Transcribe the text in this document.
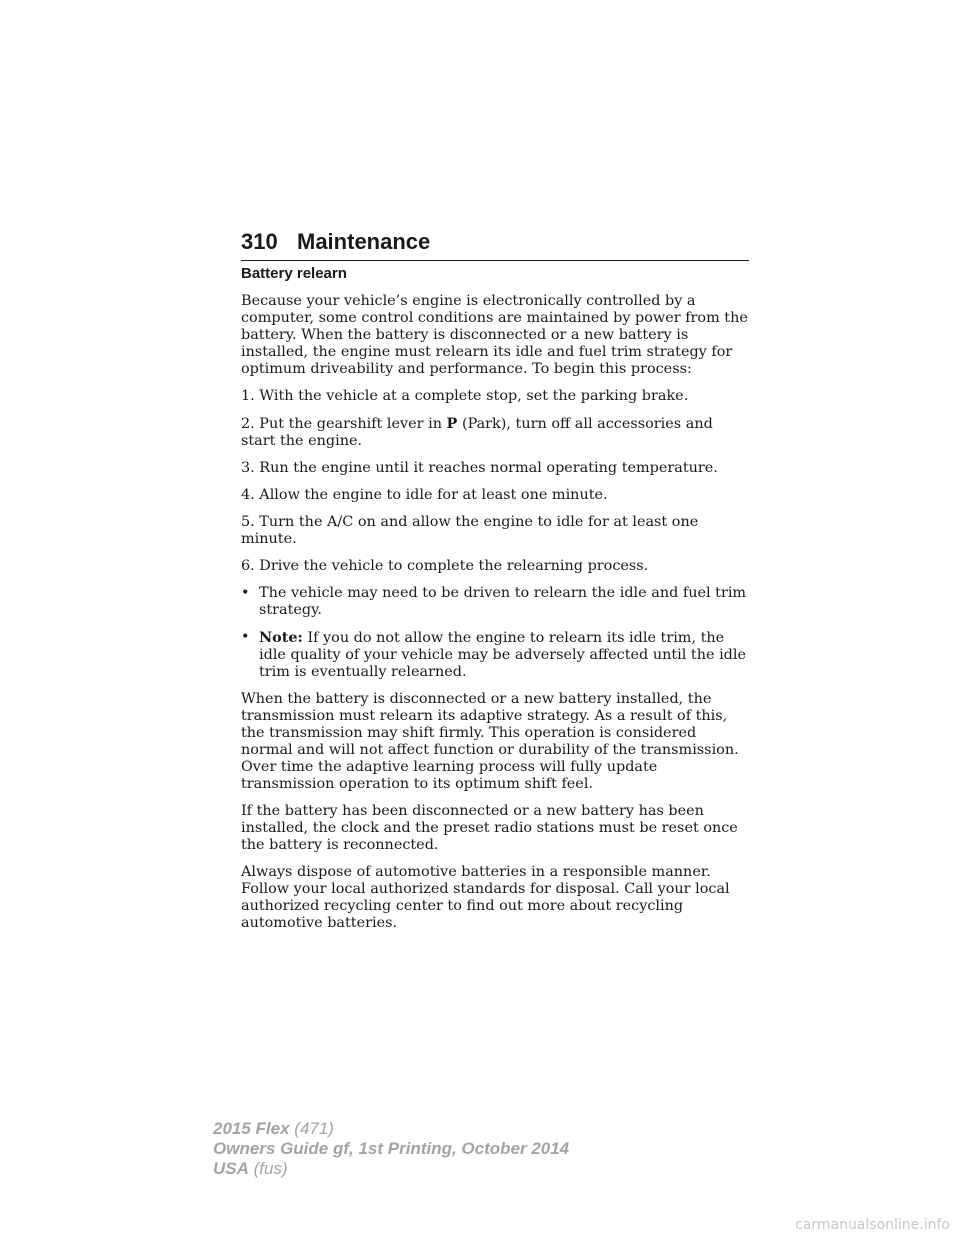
310 Maintenance
Battery relearn

Because your vehicle’s engine is electronically controlled by a computer, some control conditions are maintained by power from the battery. When the battery is disconnected or a new battery is installed, the engine must relearn its idle and fuel trim strategy for optimum driveability and performance. To begin this process:

1. With the vehicle at a complete stop, set the parking brake.

2. Put the gearshift lever in P (Park), turn off all accessories and start the engine.

3. Run the engine until it reaches normal operating temperature.

4. Allow the engine to idle for at least one minute.

5. Turn the A/C on and allow the engine to idle for at least one minute.

6. Drive the vehicle to complete the relearning process.

• The vehicle may need to be driven to relearn the idle and fuel trim strategy.
• Note: If you do not allow the engine to relearn its idle trim, the idle quality of your vehicle may be adversely affected until the idle trim is eventually relearned.

When the battery is disconnected or a new battery installed, the transmission must relearn its adaptive strategy. As a result of this, the transmission may shift firmly. This operation is considered normal and will not affect function or durability of the transmission. Over time the adaptive learning process will fully update transmission operation to its optimum shift feel.

If the battery has been disconnected or a new battery has been installed, the clock and the preset radio stations must be reset once the battery is reconnected.

Always dispose of automotive batteries in a responsible manner. Follow your local authorized standards for disposal. Call your local authorized recycling center to find out more about recycling automotive batteries.

2015 Flex (471)
Owners Guide gf, 1st Printing, October 2014
USA (fus)
carmanualsonline.info
